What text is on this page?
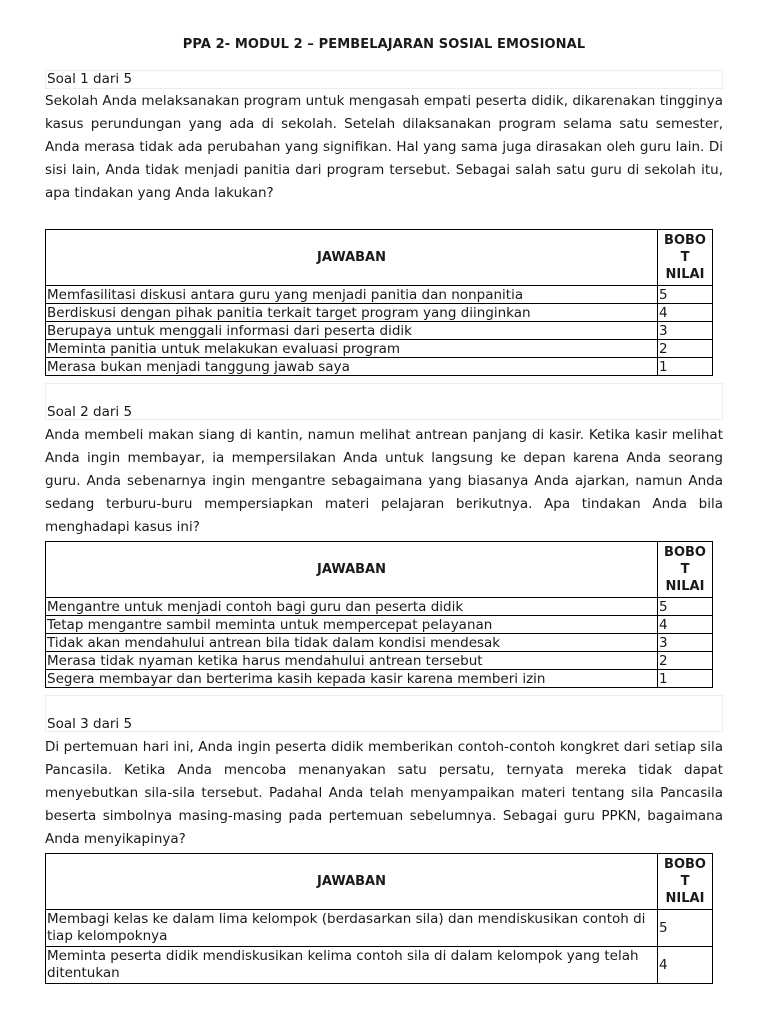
PPA 2- MODUL 2 – PEMBELAJARAN SOSIAL EMOSIONAL
Soal 1 dari 5
Sekolah Anda melaksanakan program untuk mengasah empati peserta didik, dikarenakan tingginya kasus perundungan yang ada di sekolah. Setelah dilaksanakan program selama satu semester, Anda merasa tidak ada perubahan yang signifikan. Hal yang sama juga dirasakan oleh guru lain. Di sisi lain, Anda tidak menjadi panitia dari program tersebut. Sebagai salah satu guru di sekolah itu, apa tindakan yang Anda lakukan?
JAWABAN	BOBO
T
NILAI
Memfasilitasi diskusi antara guru yang menjadi panitia dan nonpanitia	5
Berdiskusi dengan pihak panitia terkait target program yang diinginkan	4
Berupaya untuk menggali informasi dari peserta didik	3
Meminta panitia untuk melakukan evaluasi program	2
Merasa bukan menjadi tanggung jawab saya	1
Soal 2 dari 5
Anda membeli makan siang di kantin, namun melihat antrean panjang di kasir. Ketika kasir melihat Anda ingin membayar, ia mempersilakan Anda untuk langsung ke depan karena Anda seorang guru. Anda sebenarnya ingin mengantre sebagaimana yang biasanya Anda ajarkan, namun Anda sedang terburu-buru mempersiapkan materi pelajaran berikutnya. Apa tindakan Anda bila menghadapi kasus ini?
JAWABAN	BOBO
T
NILAI
Mengantre untuk menjadi contoh bagi guru dan peserta didik	5
Tetap mengantre sambil meminta untuk mempercepat pelayanan	4
Tidak akan mendahului antrean bila tidak dalam kondisi mendesak	3
Merasa tidak nyaman ketika harus mendahului antrean tersebut	2
Segera membayar dan berterima kasih kepada kasir karena memberi izin	1
Soal 3 dari 5
Di pertemuan hari ini, Anda ingin peserta didik memberikan contoh-contoh kongkret dari setiap sila Pancasila. Ketika Anda mencoba menanyakan satu persatu, ternyata mereka tidak dapat menyebutkan sila-sila tersebut. Padahal Anda telah menyampaikan materi tentang sila Pancasila beserta simbolnya masing-masing pada pertemuan sebelumnya. Sebagai guru PPKN, bagaimana Anda menyikapinya?
JAWABAN	BOBO
T
NILAI
Membagi kelas ke dalam lima kelompok (berdasarkan sila) dan mendiskusikan contoh di tiap kelompoknya	5
Meminta peserta didik mendiskusikan kelima contoh sila di dalam kelompok yang telah ditentukan	4
